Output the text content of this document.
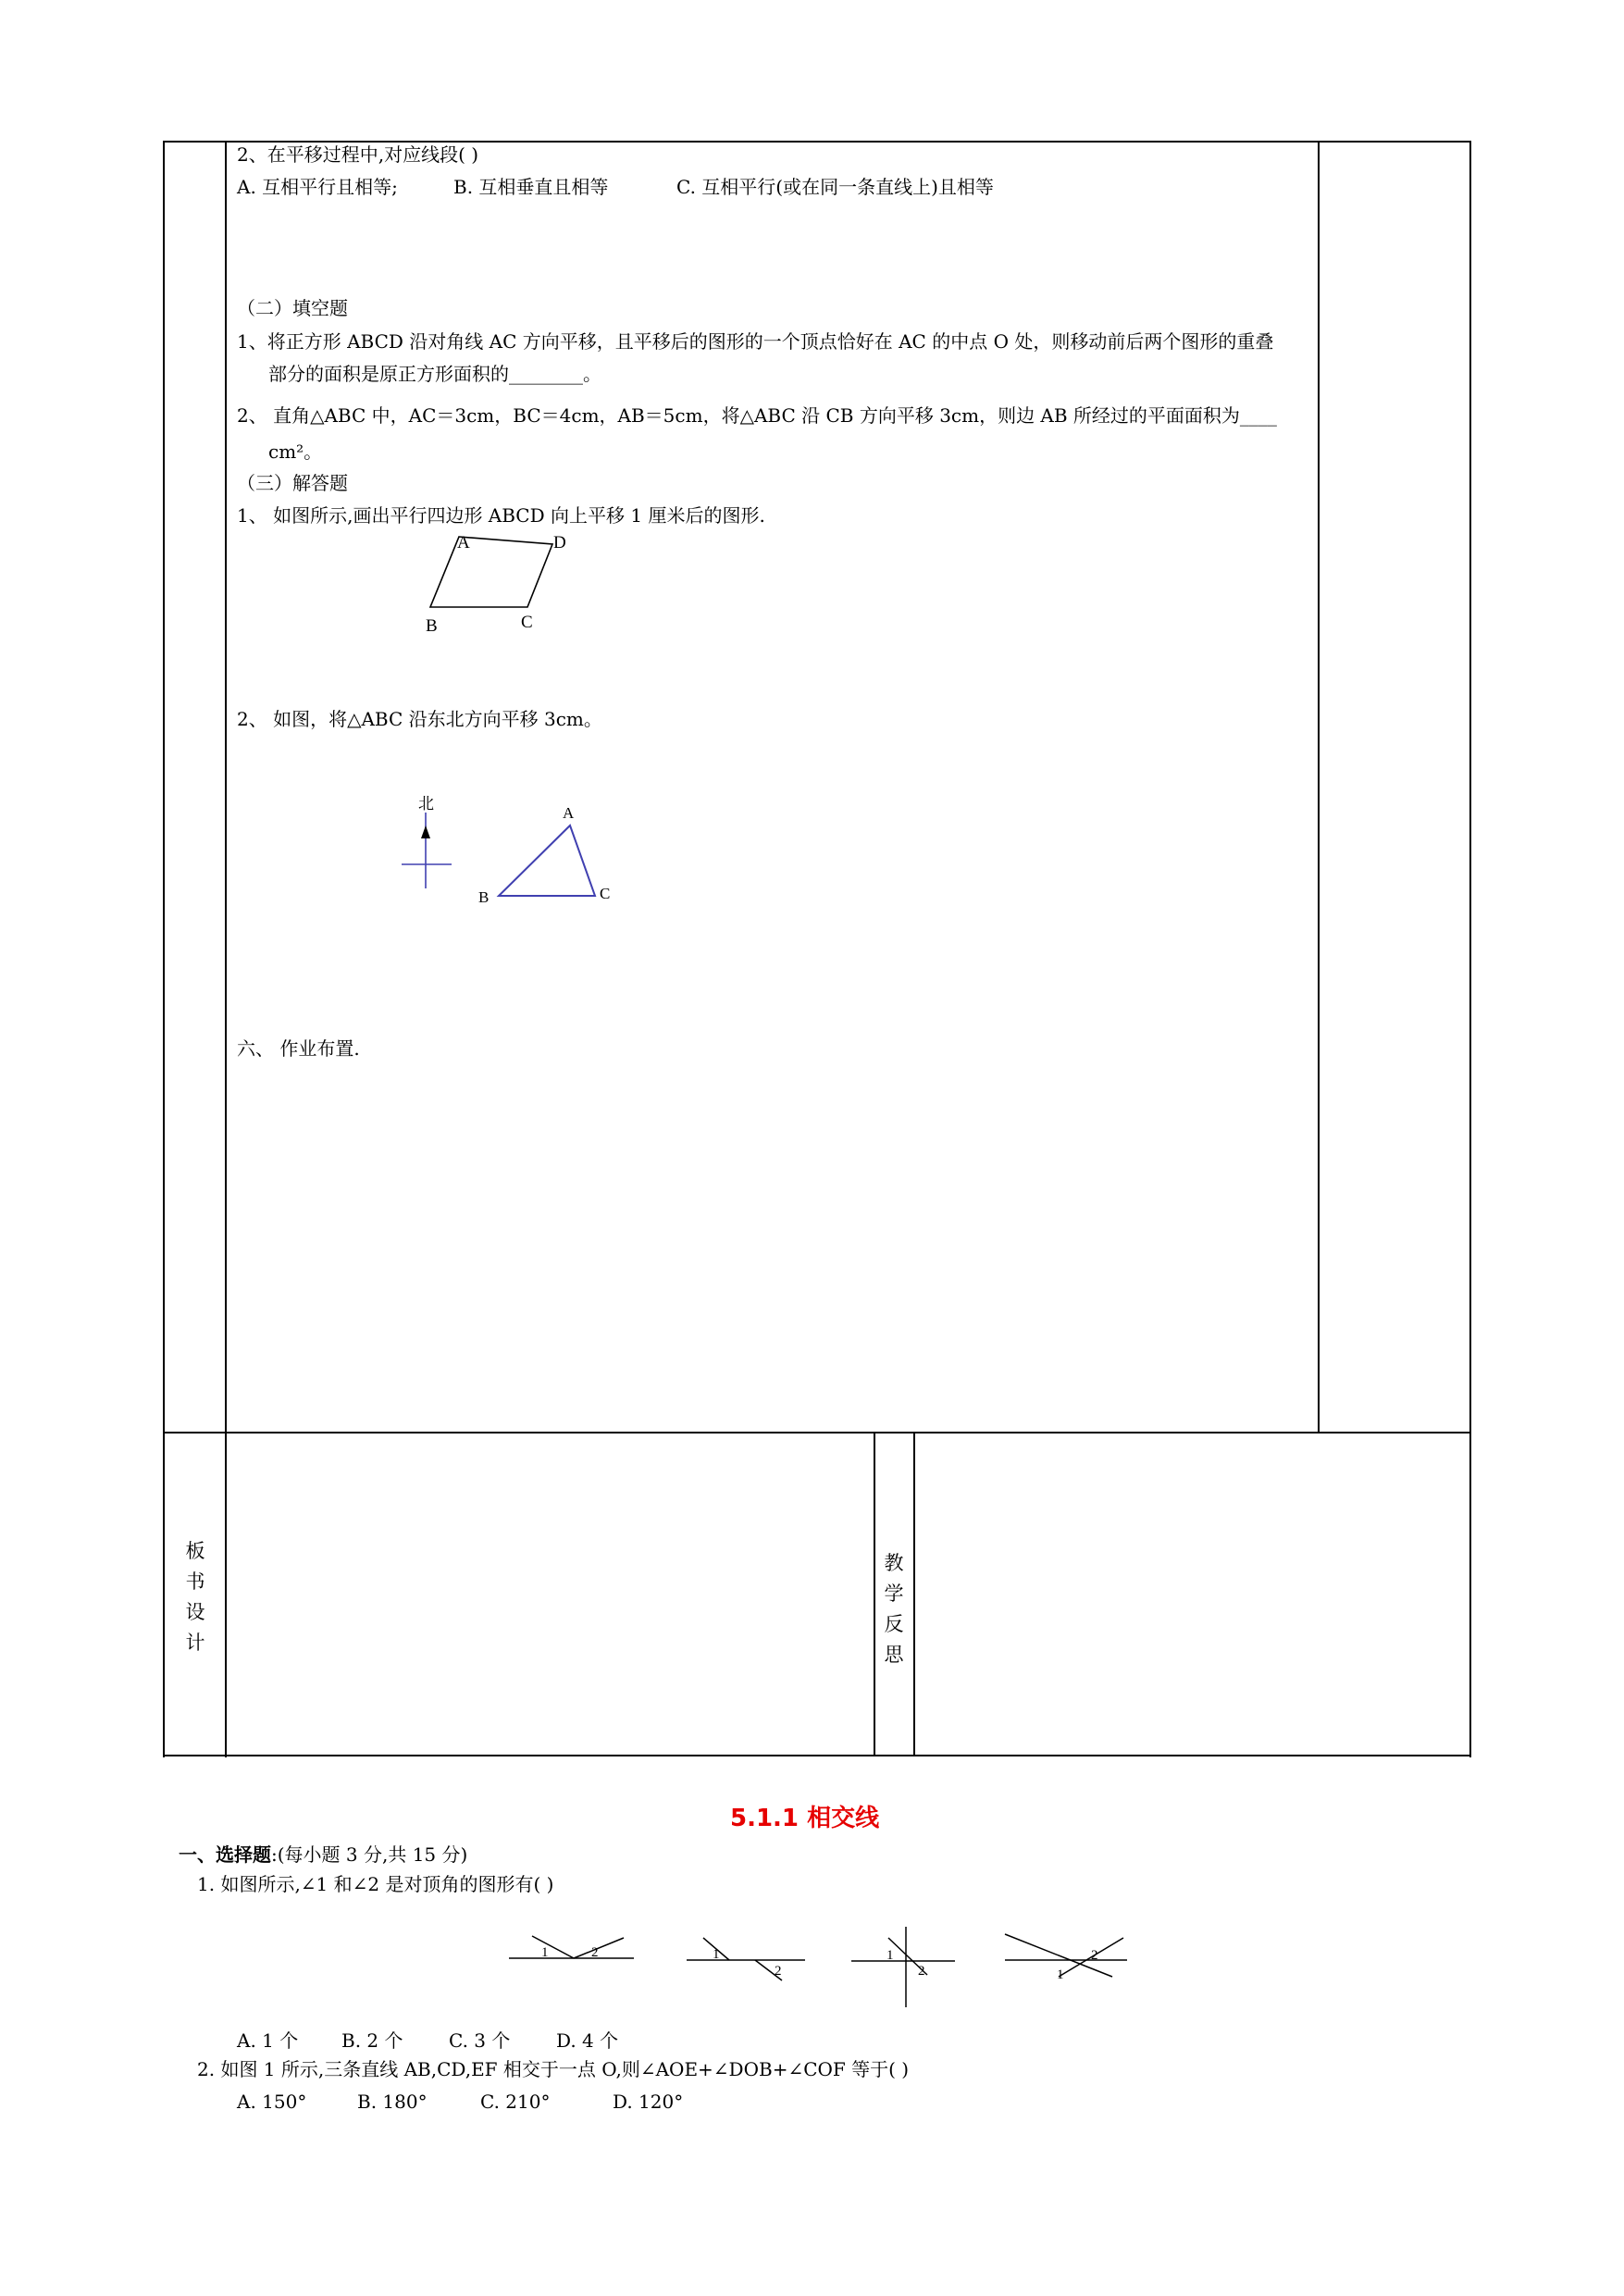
2、在平移过程中,对应线段( )
A. 互相平行且相等;	B. 互相垂直且相等	C. 互相平行(或在同一条直线上)且相等
（二）填空题
1、将正方形 ABCD 沿对角线 AC 方向平移，且平移后的图形的一个顶点恰好在 AC 的中点 O 处，则移动前后两个图形的重叠
部分的面积是原正方形面积的________。
2、 直角△ABC 中，AC＝3cm，BC＝4cm，AB＝5cm，将△ABC 沿 CB 方向平移 3cm，则边 AB 所经过的平面面积为____
cm²。
（三）解答题
1、 如图所示,画出平行四边形 ABCD 向上平移 1 厘米后的图形.
A	D
C
B
2、 如图，将△ABC 沿东北方向平移 3cm。
北
A
B	C
六、 作业布置.
板
书
设
计
教
学
反
思
5.1.1 相交线
一、选择题:(每小题 3 分,共 15 分)
1. 如图所示,∠1 和∠2 是对顶角的图形有( )
1	2	1
2
1
2	1
2
A. 1 个 B. 2 个 C. 3 个 D. 4 个
2. 如图 1 所示,三条直线 AB,CD,EF 相交于一点 O,则∠AOE+∠DOB+∠COF 等于( )
A. 150°	B. 180°	C. 210°	D. 120°
